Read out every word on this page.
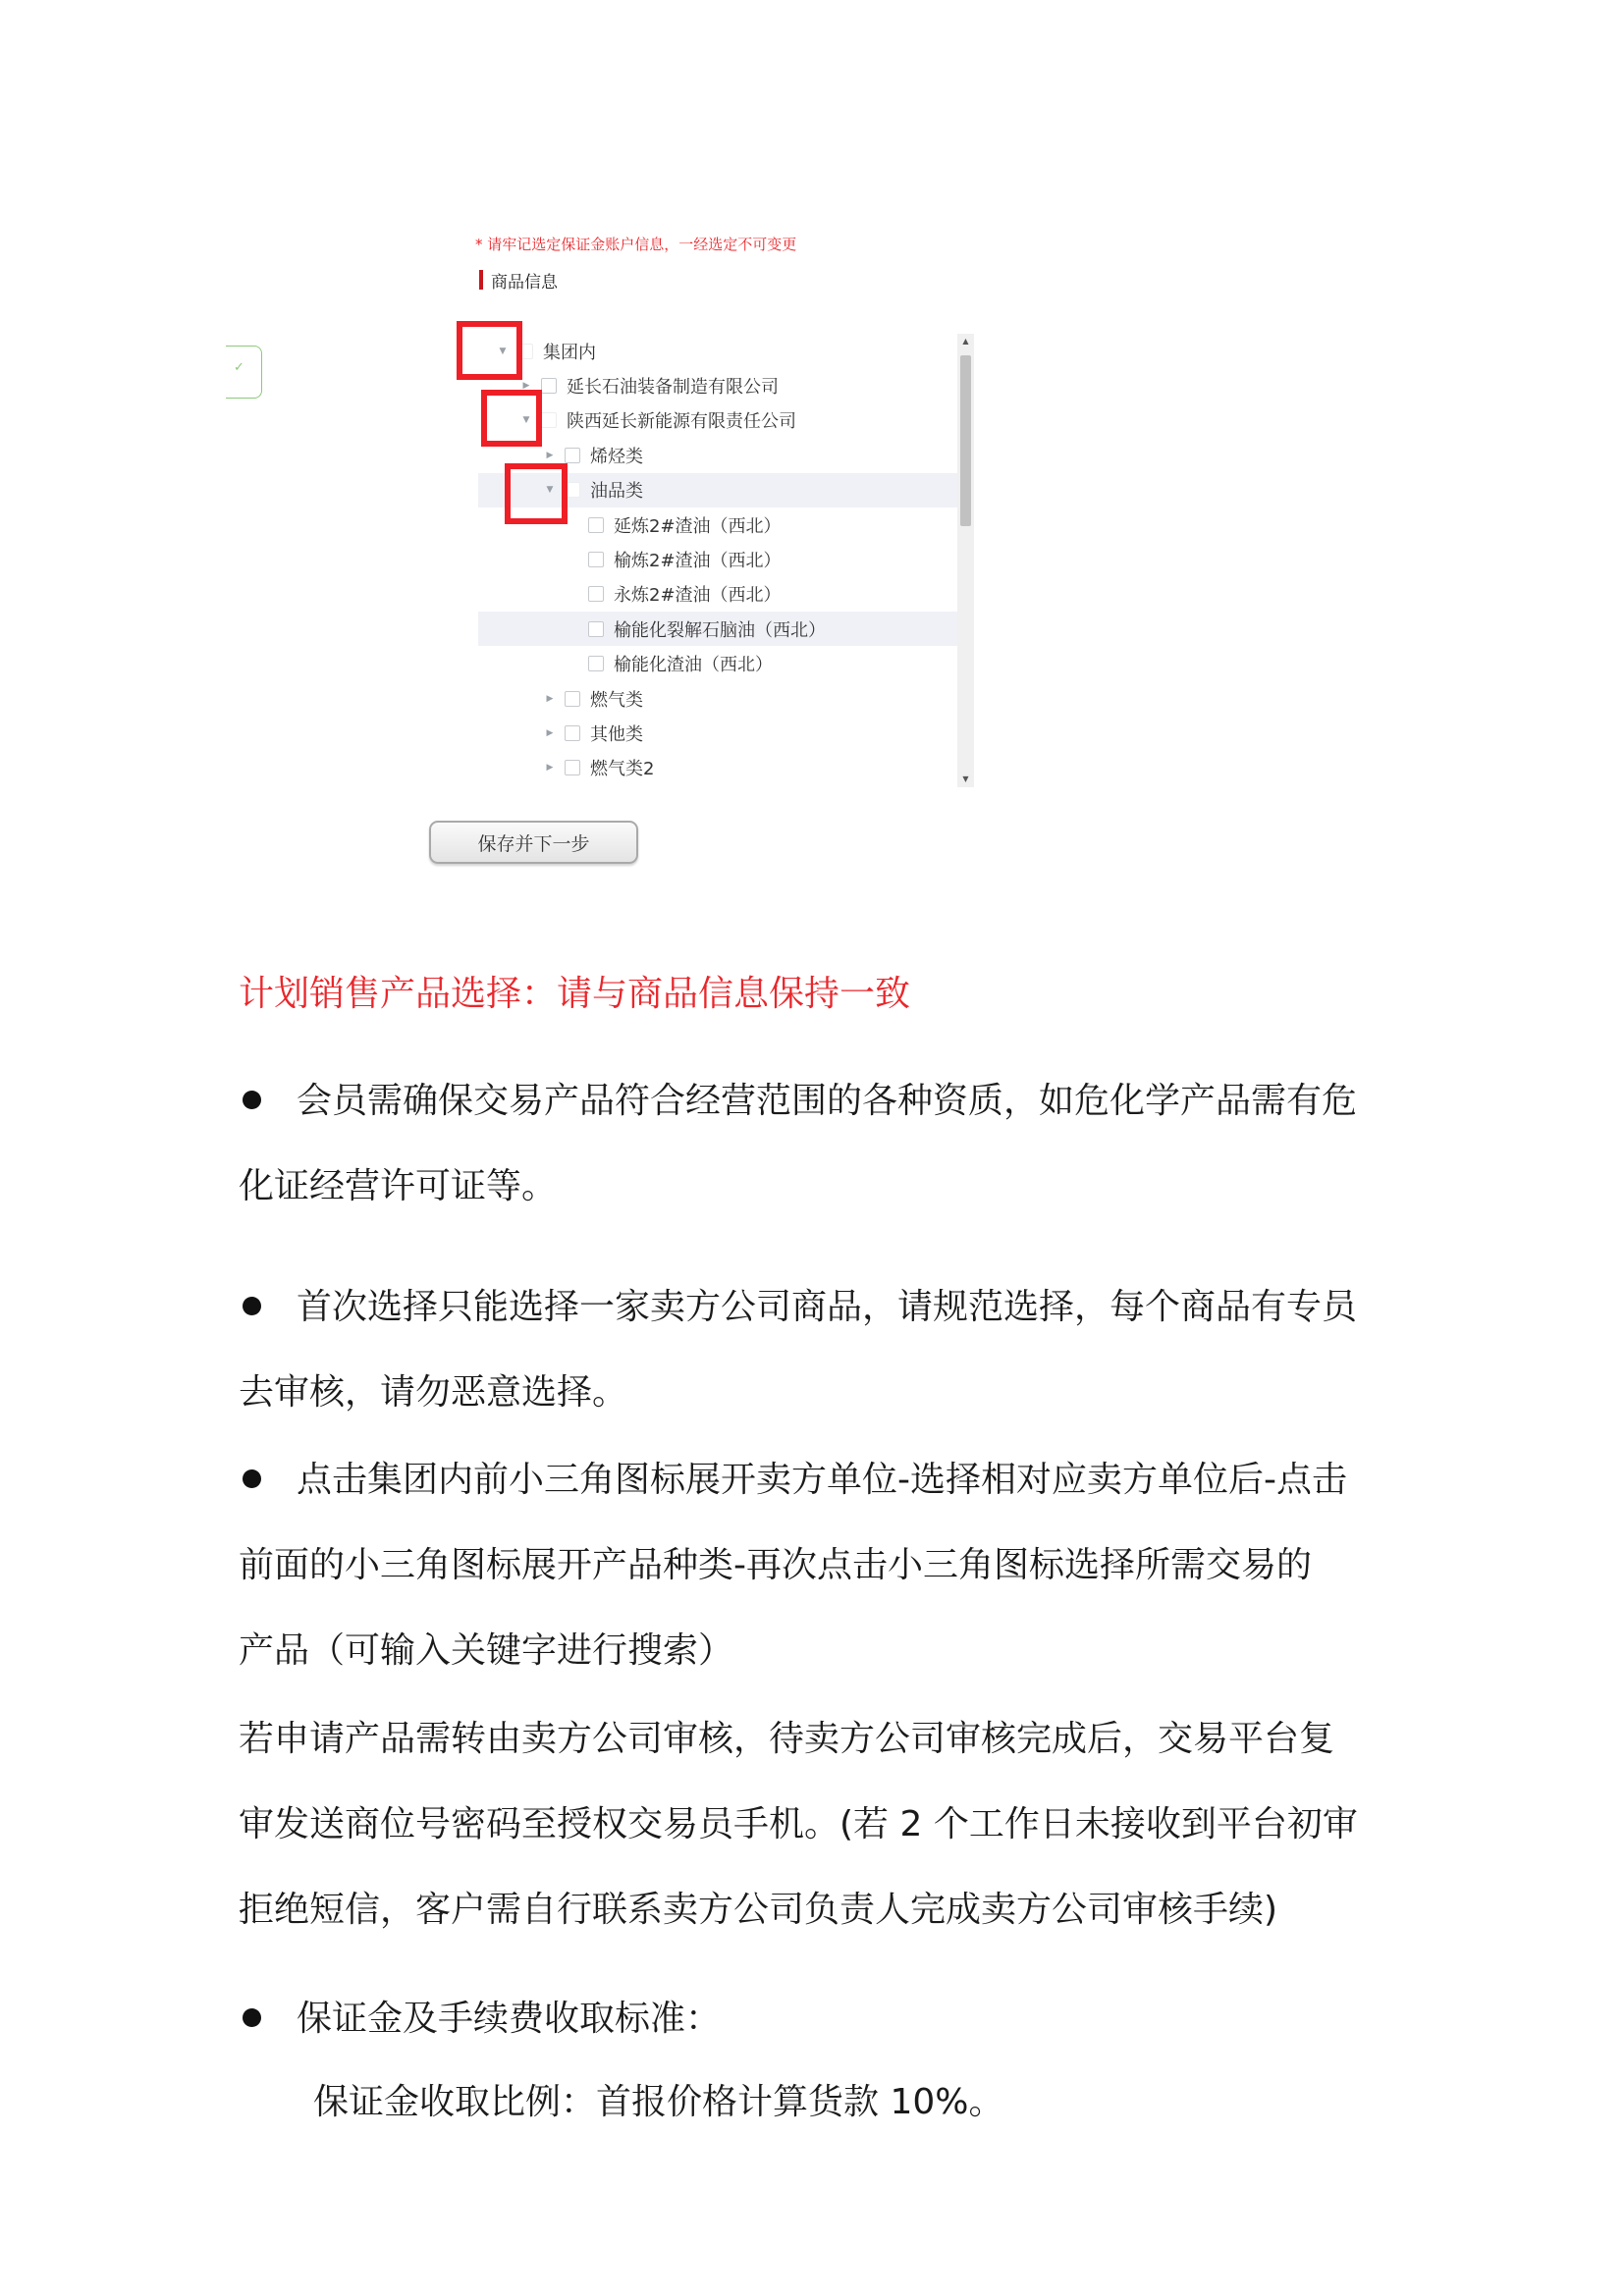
* 请牢记选定保证金账户信息，一经选定不可变更
商品信息
✓
▼ 集团内
▶ 延长石油装备制造有限公司
▼ 陕西延长新能源有限责任公司
▶ 烯烃类
▼ 油品类
延炼2#渣油（西北）
榆炼2#渣油（西北）
永炼2#渣油（西北）
榆能化裂解石脑油（西北）
榆能化渣油（西北）
▶ 燃气类
▶ 其他类
▶ 燃气类2
▲
▼
保存并下一步
计划销售产品选择：请与商品信息保持一致

会员需确保交易产品符合经营范围的各种资质，如危化学产品需有危

化证经营许可证等。

首次选择只能选择一家卖方公司商品，请规范选择，每个商品有专员

去审核，请勿恶意选择。

点击集团内前小三角图标展开卖方单位-选择相对应卖方单位后-点击

前面的小三角图标展开产品种类-再次点击小三角图标选择所需交易的

产品（可输入关键字进行搜索）

若申请产品需转由卖方公司审核，待卖方公司审核完成后，交易平台复

审发送商位号密码至授权交易员手机。(若 2 个工作日未接收到平台初审

拒绝短信，客户需自行联系卖方公司负责人完成卖方公司审核手续)

保证金及手续费收取标准：

保证金收取比例：首报价格计算货款 10%。
